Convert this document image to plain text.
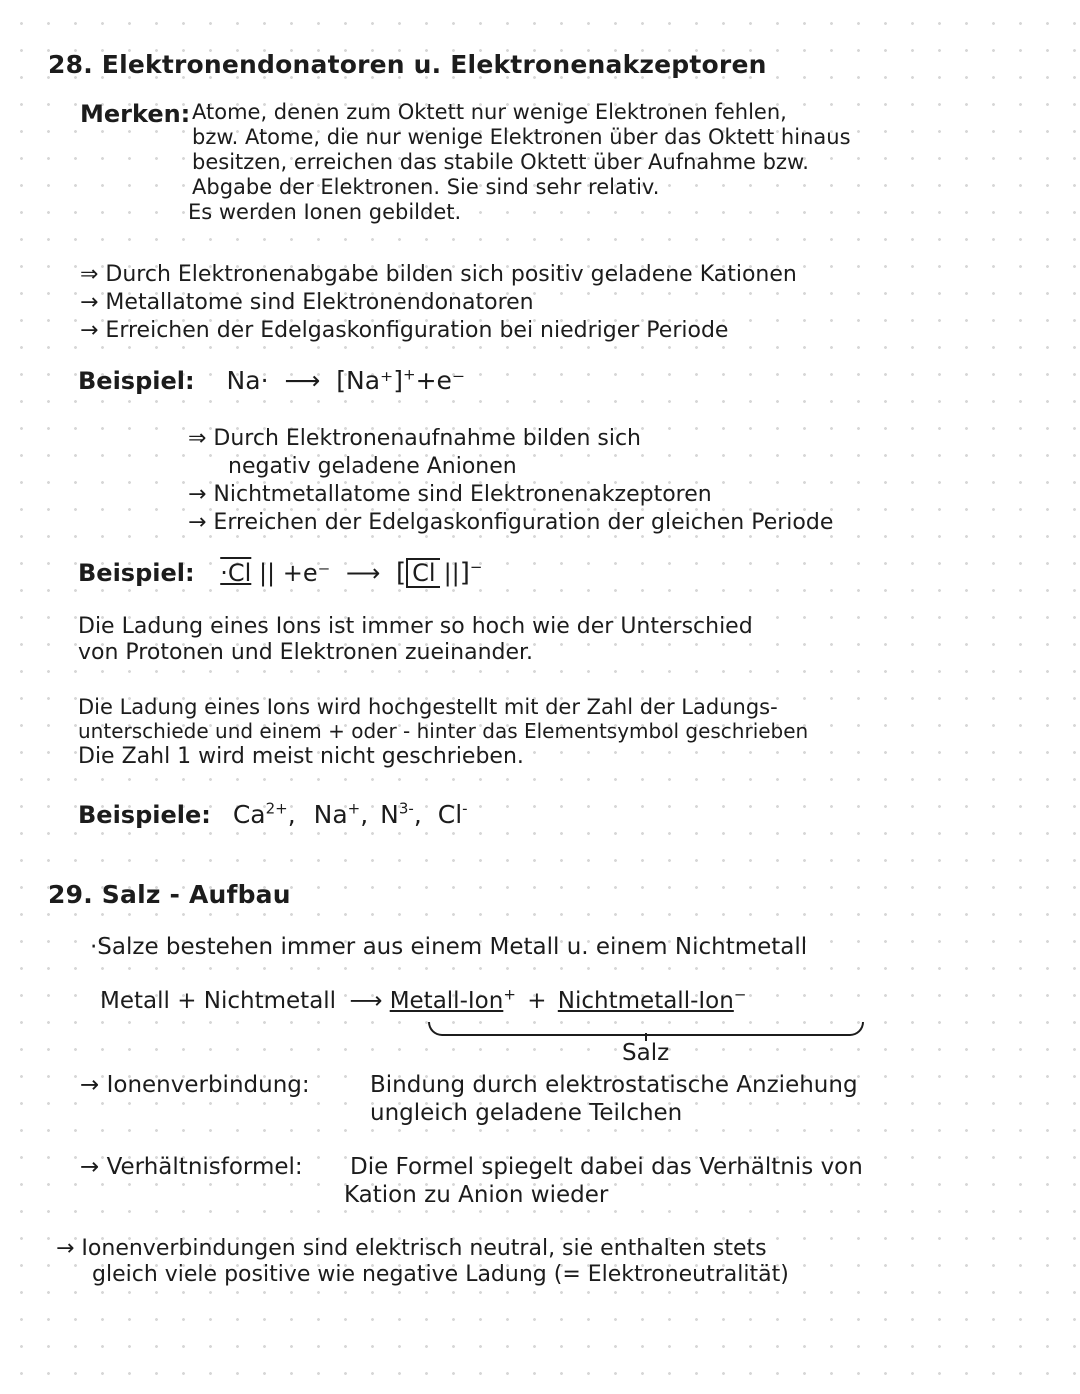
28. Elektronendonatoren u. Elektronenakzeptoren
Merken: Atome, denen zum Oktett nur wenige Elektronen fehlen,
bzw. Atome, die nur wenige Elektronen über das Oktett hinaus
besitzen, erreichen das stabile Oktett über Aufnahme bzw.
Abgabe der Elektronen. Sie sind sehr relativ.
Es werden Ionen gebildet.
⇒ Durch Elektronenabgabe bilden sich positiv geladene Kationen
→ Metallatome sind Elektronendonatoren
→ Erreichen der Edelgaskonfiguration bei niedriger Periode
Beispiel: Na· ⟶ [Na⁺]++e⁻
⇒ Durch Elektronenaufnahme bilden sich
negativ geladene Anionen
→ Nichtmetallatome sind Elektronenakzeptoren
→ Erreichen der Edelgaskonfiguration der gleichen Periode
Beispiel: ·Cl || +e⁻ ⟶ [ Cl ||]−
Die Ladung eines Ions ist immer so hoch wie der Unterschied
von Protonen und Elektronen zueinander.
Die Ladung eines Ions wird hochgestellt mit der Zahl der Ladungs-
unterschiede und einem + oder - hinter das Elementsymbol geschrieben
Die Zahl 1 wird meist nicht geschrieben.
Beispiele: $Ca^{2+}$, Na+, $N^{3-}$, Cl-
29. Salz - Aufbau
·Salze bestehen immer aus einem Metall u. einem Nichtmetall
Metall + Nichtmetall ⟶ Metall-Ion+ + Nichtmetall-Ion−
Salz
→ Ionenverbindung:	Bindung durch elektrostatische Anziehung
ungleich geladene Teilchen
→ Verhältnisformel: Die Formel spiegelt dabei das Verhältnis von
Kation zu Anion wieder
→ Ionenverbindungen sind elektrisch neutral, sie enthalten stets
gleich viele positive wie negative Ladung (= Elektroneutralität)
